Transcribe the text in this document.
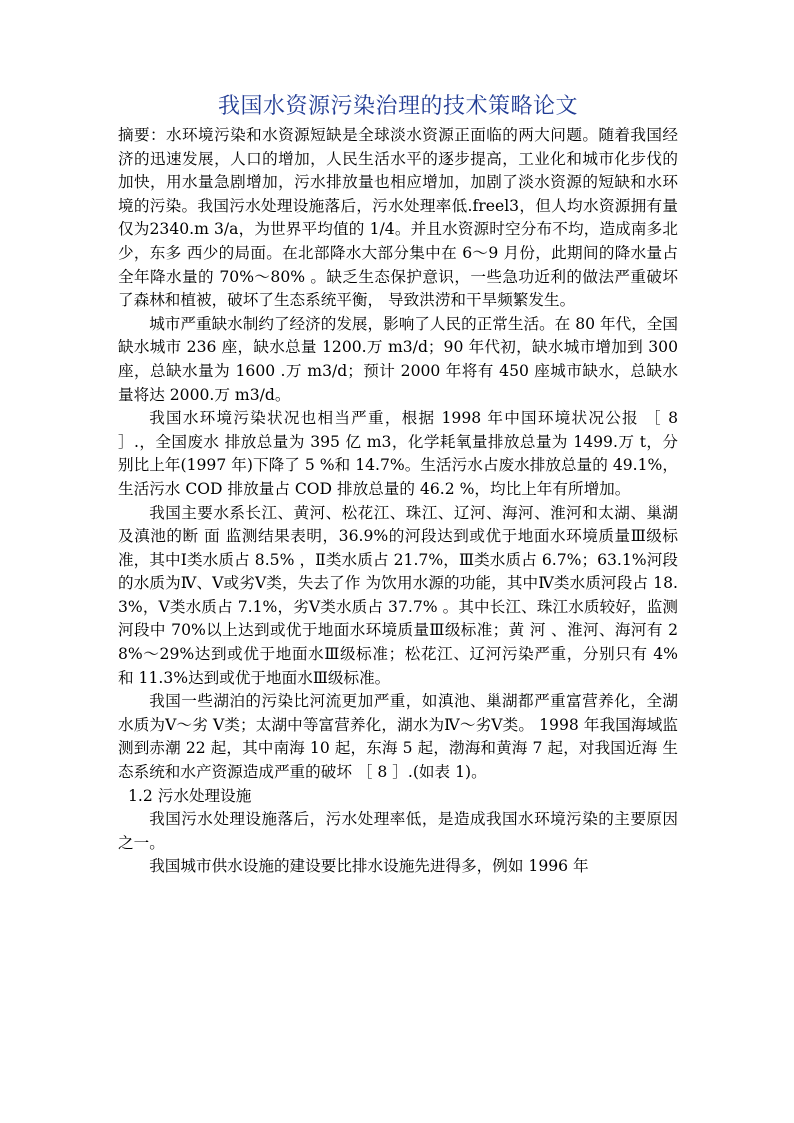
我国水资源污染治理的技术策略论文

摘要：水环境污染和水资源短缺是全球淡水资源正面临的两大问题。随着我国经济的迅速发展，人口的增加，人民生活水平的逐步提高，工业化和城市化步伐的加快，用水量急剧增加，污水排放量也相应增加，加剧了淡水资源的短缺和水环境的污染。我国污水处理设施落后，污水处理率低.freel3，但人均水资源拥有量仅为2340.m 3/a，为世界平均值的 1/4。并且水资源时空分布不均，造成南多北少，东多 西少的局面。在北部降水大部分集中在 6～9 月份，此期间的降水量占全年降水量的 70%～80% 。缺乏生态保护意识，一些急功近利的做法严重破坏了森林和植被，破坏了生态系统平衡， 导致洪涝和干旱频繁发生。

城市严重缺水制约了经济的发展，影响了人民的正常生活。在 80 年代，全国缺水城市 236 座，缺水总量 1200.万 m3/d；90 年代初，缺水城市增加到 300 座，总缺水量为 1600 .万 m3/d；预计 2000 年将有 450 座城市缺水，总缺水量将达 2000.万 m3/d。

我国水环境污染状况也相当严重，根据 1998 年中国环境状况公报 ［ 8 ］.，全国废水 排放总量为 395 亿 m3，化学耗氧量排放总量为 1499.万 t，分别比上年(1997 年)下降了 5 %和 14.7%。生活污水占废水排放总量的 49.1%，生活污水 COD 排放量占 COD 排放总量的 46.2 %，均比上年有所增加。

我国主要水系长江、黄河、松花江、珠江、辽河、海河、淮河和太湖、巢湖及滇池的断 面 监测结果表明，36.9%的河段达到或优于地面水环境质量Ⅲ级标准，其中Ⅰ类水质占 8.5% ，Ⅱ类水质占 21.7%，Ⅲ类水质占 6.7%；63.1%河段的水质为Ⅳ、Ⅴ或劣Ⅴ类，失去了作 为饮用水源的功能，其中Ⅳ类水质河段占 18.3%，Ⅴ类水质占 7.1%，劣Ⅴ类水质占 37.7% 。其中长江、珠江水质较好，监测河段中 70%以上达到或优于地面水环境质量Ⅲ级标准；黄 河 、淮河、海河有 28%～29%达到或优于地面水Ⅲ级标准；松花江、辽河污染严重，分别只有 4% 和 11.3%达到或优于地面水Ⅲ级标准。

我国一些湖泊的污染比河流更加严重，如滇池、巢湖都严重富营养化，全湖水质为Ⅴ～劣 Ⅴ类；太湖中等富营养化，湖水为Ⅳ～劣Ⅴ类。 1998 年我国海域监测到赤潮 22 起，其中南海 10 起，东海 5 起，渤海和黄海 7 起，对我国近海 生态系统和水产资源造成严重的破坏 ［ 8 ］.(如表 1)。

1.2 污水处理设施

我国污水处理设施落后，污水处理率低，是造成我国水环境污染的主要原因之一。

我国城市供水设施的建设要比排水设施先进得多，例如 1996 年
